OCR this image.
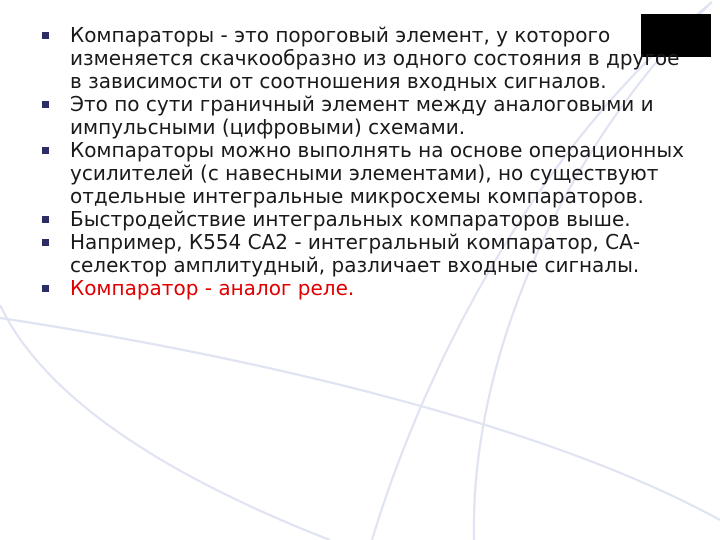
Компараторы - это пороговый элемент, у которого изменяется скачкообразно из одного состояния в другое в зависимости от соотношения входных сигналов.
Это по сути граничный элемент между аналоговыми и импульсными (цифровыми) схемами.
Компараторы можно выполнять на основе операционных усилителей (с навесными элементами), но существуют отдельные интегральные микросхемы компараторов.
Быстродействие интегральных компараторов выше.
Например, К554 СА2 - интегральный компаратор, СА- селектор амплитудный, различает входные сигналы.
Компаратор - аналог реле.
